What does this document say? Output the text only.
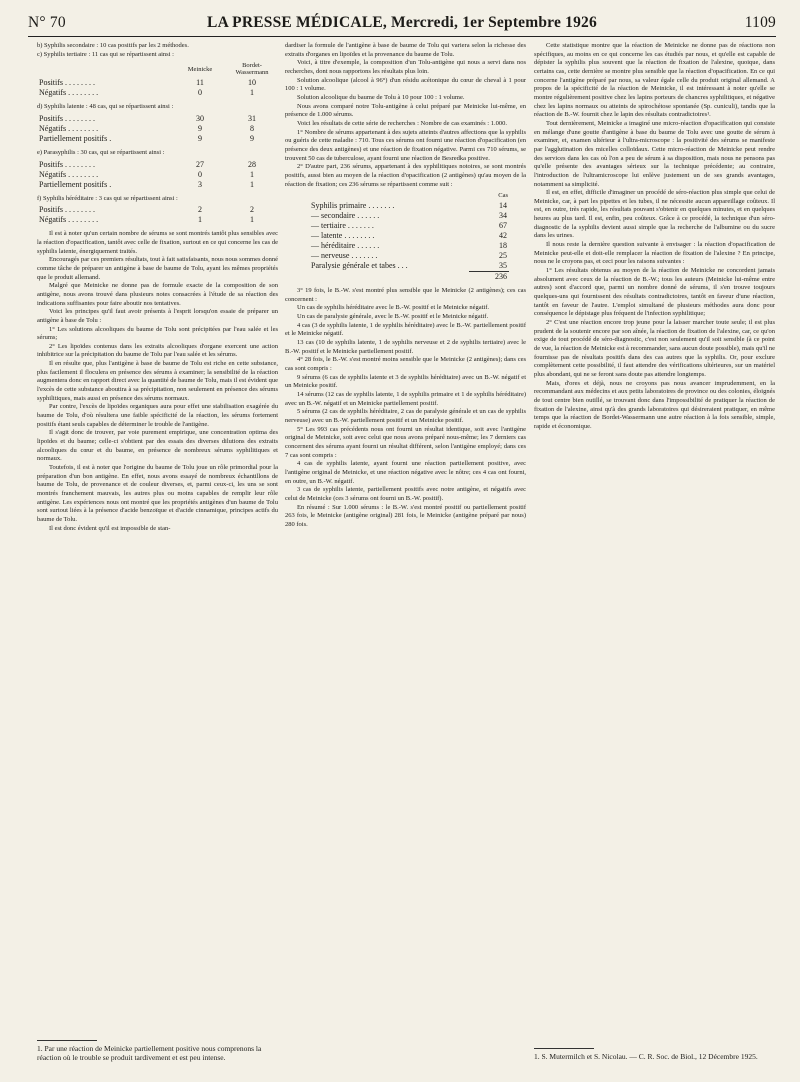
N° 70	LA PRESSE MÉDICALE, Mercredi, 1er Septembre 1926	1109

b) Syphilis secondaire : 10 cas positifs par les 2 méthodes.

c) Syphilis tertiaire : 11 cas qui se répartissent ainsi :

	Meinicke	Bordet-
Wassermann
Positifs . . . . . . . .	11	10
Négatifs . . . . . . . .	0	1

d) Syphilis latente : 48 cas, qui se répartissent ainsi :

Positifs . . . . . . . .	30	31
Négatifs . . . . . . . .	9	8
Partiellement positifs .	9	9

e) Parasyphilis : 30 cas, qui se répartissent ainsi :

Positifs . . . . . . . .	27	28
Négatifs . . . . . . . .	0	1
Partiellement positifs .	3	1

f) Syphilis héréditaire : 3 cas qui se répartissent ainsi :

Positifs . . . . . . . .	2	2
Négatifs . . . . . . . .	1	1

Il est à noter qu'un certain nombre de sérums se sont montrés tantôt plus sensibles avec la réaction d'opacification, tantôt avec celle de fixation, surtout en ce qui concerne les cas de syphilis latente, énergiquement traités.

Encouragés par ces premiers résultats, tout à fait satisfaisants, nous nous sommes donné comme tâche de préparer un antigène à base de baume de Tolu, ayant les mêmes propriétés que le produit allemand.

Malgré que Meinicke ne donne pas de formule exacte de la composition de son antigène, nous avons trouvé dans plusieurs notes consacrées à l'étude de sa réaction des indications suffisantes pour faire aboutir nos tentatives.

Voici les principes qu'il faut avoir présents à l'esprit lorsqu'on essaie de préparer un antigène à base de Tolu :

1° Les solutions alcooliques du baume de Tolu sont précipitées par l'eau salée et les sérums;

2° Les lipoïdes contenus dans les extraits alcooliques d'organe exercent une action inhibitrice sur la précipitation du baume de Tolu par l'eau salée et les sérums.

Il en résulte que, plus l'antigène à base de baume de Tolu est riche en cette substance, plus facilement il floculera en présence des sérums à examiner; la sensibilité de la réaction augmentera donc en rapport direct avec la quantité de baume de Tolu, mais il est évident que l'excès de cette substance aboutira à sa précipitation, non seulement en présence des sérums syphilitiques, mais aussi en présence des sérums normaux.

Par contre, l'excès de lipoïdes organiques aura pour effet une stabilisation exagérée du baume de Tolu, d'où résultera une faible spécificité de la réaction, les sérums fortement positifs étant seuls capables de déterminer le trouble de l'antigène.

Il s'agit donc de trouver, par voie purement empirique, une concentration optima des lipoïdes et du baume; celle-ci s'obtient par des essais des diverses dilutions des extraits alcooliques du cœur et du baume, en présence de nombreux sérums syphilitiques et normaux.

Toutefois, il est à noter que l'origine du baume de Tolu joue un rôle primordial pour la préparation d'un bon antigène. En effet, nous avons essayé de nombreux échantillons de baume de Tolu, de provenance et de couleur diverses, et, parmi ceux-ci, les uns se sont montrés franchement mauvais, les autres plus ou moins capables de remplir leur rôle antigène. Les expériences nous ont montré que les propriétés antigènes d'un baume de Tolu sont surtout liées à la présence d'acide benzoïque et d'acide cinnamique, principes actifs du baume de Tolu.

Il est donc évident qu'il est impossible de stan-

1. Par une réaction de Meinicke partiellement positive nous comprenons la réaction où le trouble se produit tardivement et est peu intense.

dardiser la formule de l'antigène à base de baume de Tolu qui variera selon la richesse des extraits d'organes en lipoïdes et la provenance du baume de Tolu.

Voici, à titre d'exemple, la composition d'un Tolu-antigène qui nous a servi dans nos recherches, dont nous rapportons les résultats plus loin.

Solution alcoolique (alcool à 96°) d'un résidu acétonique du cœur de cheval à 1 pour 100 : 1 volume.

Solution alcoolique du baume de Tolu à 10 pour 100 : 1 volume.

Nous avons comparé notre Tolu-antigène à celui préparé par Meinicke lui-même, en présence de 1.000 sérums.

Voici les résultats de cette série de recherches : Nombre de cas examinés : 1.000.

1° Nombre de sérums appartenant à des sujets atteints d'autres affections que la syphilis ou guéris de cette maladie : 710. Tous ces sérums ont fourni une réaction d'opacification (en présence des deux antigènes) et une réaction de fixation négative. Parmi ces 710 sérums, se trouvent 50 cas de tuberculose, ayant fourni une réaction de Besredka positive.

2° D'autre part, 236 sérums, appartenant à des syphilitiques notoires, se sont montrés positifs, aussi bien au moyen de la réaction d'opacification (2 antigènes) qu'au moyen de la réaction de fixation; ces 236 sérums se répartissent comme suit :

	Cas
Syphilis primaire . . . . . . .	14
— secondaire . . . . . .	34
— tertiaire . . . . . . .	67
— latente . . . . . . . .	42
— héréditaire . . . . . .	18
— nerveuse . . . . . . .	25
Paralysie générale et tabes . . .	35
	236

3° 19 fois, le B.-W. s'est montré plus sensible que le Meinicke (2 antigènes); ces cas concernent :

Un cas de syphilis héréditaire avec le B.-W. positif et le Meinicke négatif.

Un cas de paralysie générale, avec le B.-W. positif et le Meinicke négatif.

4 cas (3 de syphilis latente, 1 de syphilis héréditaire) avec le B.-W. partiellement positif et le Meinicke négatif.

13 cas (10 de syphilis latente, 1 de syphilis nerveuse et 2 de syphilis tertiaire) avec le B.-W. positif et le Meinicke partiellement positif.

4° 28 fois, le B.-W. s'est montré moins sensible que le Meinicke (2 antigènes); dans ces cas sont compris :

9 sérums (6 cas de syphilis latente et 3 de syphilis héréditaire) avec un B.-W. négatif et un Meinicke positif.

14 sérums (12 cas de syphilis latente, 1 de syphilis primaire et 1 de syphilis héréditaire) avec un B.-W. négatif et un Meinicke partiellement positif.

5 sérums (2 cas de syphilis héréditaire, 2 cas de paralysie générale et un cas de syphilis nerveuse) avec un B.-W. partiellement positif et un Meinicke positif.

5° Les 993 cas précédents nous ont fourni un résultat identique, soit avec l'antigène original de Meinicke, soit avec celui que nous avons préparé nous-même; les 7 derniers cas concernent des sérums ayant fourni un résultat différent, selon l'antigène employé; dans ces 7 cas sont compris :

4 cas de syphilis latente, ayant fourni une réaction partiellement positive, avec l'antigène original de Meinicke, et une réaction négative avec le nôtre; ces 4 cas ont fourni, en outre, un B.-W. négatif.

3 cas de syphilis latente, partiellement positifs avec notre antigène, et négatifs avec celui de Meinicke (ces 3 sérums ont fourni un B.-W. positif).

En résumé : Sur 1.000 sérums : le B.-W. s'est montré positif ou partiellement positif 263 fois, le Meinicke (antigène original) 281 fois, le Meinicke (antigène préparé par nous) 280 fois.

Cette statistique montre que la réaction de Meinicke ne donne pas de réactions non spécifiques, au moins en ce qui concerne les cas étudiés par nous, et qu'elle est capable de dépister la syphilis plus souvent que la réaction de fixation de l'alexine, quoique, dans certains cas, cette dernière se montre plus sensible que la réaction d'opacification. En ce qui concerne l'antigène préparé par nous, sa valeur égale celle du produit original allemand. A propos de la spécificité de la réaction de Meinicke, il est intéressant à noter qu'elle se montre régulièrement positive chez les lapins porteurs de chancres syphilitiques, et négative chez les lapins normaux ou atteints de spirochétose spontanée (Sp. cuniculi), tandis que la réaction de B.-W. fournit chez le lapin des résultats contradictoires¹.

Tout dernièrement, Meinicke a imaginé une micro-réaction d'opacification qui consiste en mélange d'une goutte d'antigène à base du baume de Tolu avec une goutte de sérum à examiner, et, examen ultérieur à l'ultra-microscope : la positivité des sérums se manifeste par l'agglutination des micelles colloïdaux. Cette micro-réaction de Meinicke peut rendre des services dans les cas où l'on a peu de sérum à sa disposition, mais nous ne pensons pas qu'elle présente des avantages sérieux sur la technique précédente; au contraire, l'introduction de l'ultramicroscope lui enlève justement un de ses grands avantages, notamment sa simplicité.

Il est, en effet, difficile d'imaginer un procédé de séro-réaction plus simple que celui de Meinicke, car, à part les pipettes et les tubes, il ne nécessite aucun appareillage coûteux. Il est, en outre, très rapide, les résultats pouvant s'obtenir en quelques minutes, et en quelques heures au plus tard. Il est, enfin, peu coûteux. Grâce à ce procédé, la technique d'un séro-diagnostic de la syphilis devient aussi simple que la recherche de l'albumine ou du sucre dans les urines.

Il nous reste la dernière question suivante à envisager : la réaction d'opacification de Meinicke peut-elle et doit-elle remplacer la réaction de fixation de l'alexine ? En principe, nous ne le croyons pas, et ceci pour les raisons suivantes :

1° Les résultats obtenus au moyen de la réaction de Meinicke ne concordent jamais absolument avec ceux de la réaction de B.-W.; tous les auteurs (Meinicke lui-même entre autres) sont d'accord que, parmi un nombre donné de sérums, il s'en trouve toujours quelques-uns qui fournissent des résultats contradictoires, tantôt en faveur d'une réaction, tantôt en faveur de l'autre. L'emploi simultané de plusieurs méthodes aura donc pour conséquence le dépistage plus fréquent de l'infection syphilitique;

2° C'est une réaction encore trop jeune pour la laisser marcher toute seule; il est plus prudent de la soutenir encore par son aînée, la réaction de fixation de l'alexine, car, ce qu'on exige de tout procédé de séro-diagnostic, c'est non seulement qu'il soit sensible (à ce point de vue, la réaction de Meinicke est à recommander, sans aucun doute possible), mais qu'il ne fournisse pas de résultats positifs dans des cas autres que la syphilis. Or, pour exclure complètement cette possibilité, il faut attendre des vérifications ultérieures, sur un matériel plus abondant, qui ne se feront sans doute pas attendre longtemps.

Mais, d'ores et déjà, nous ne croyons pas nous avancer imprudemment, en la recommandant aux médecins et aux petits laboratoires de province ou des colonies, éloignés de tout centre bien outillé, se trouvant donc dans l'impossibilité de pratiquer la réaction de fixation de l'alexine, ainsi qu'à des grands laboratoires qui désireraient pratiquer, en même temps que la réaction de Bordet-Wassermann une autre réaction à la fois sensible, simple, rapide et économique.

1. S. Mutermilch et S. Nicolau. — C. R. Soc. de Biol., 12 Décembre 1925.
